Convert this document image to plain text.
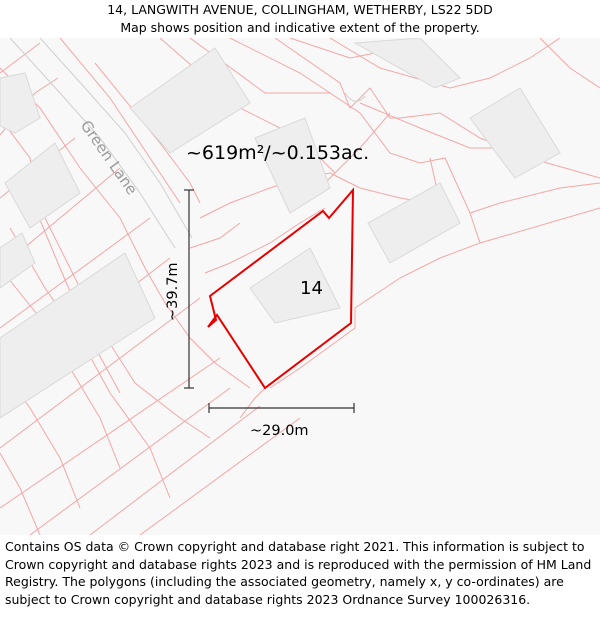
14, LANGWITH AVENUE, COLLINGHAM, WETHERBY, LS22 5DD
Map shows position and indicative extent of the property.
Green Lane ~619m²/~0.153ac.
14
~39.7m
~29.0m
Contains OS data © Crown copyright and database right 2021. This information is subject to Crown copyright and database rights 2023 and is reproduced with the permission of HM Land Registry. The polygons (including the associated geometry, namely x, y co-ordinates) are subject to Crown copyright and database rights 2023 Ordnance Survey 100026316.
